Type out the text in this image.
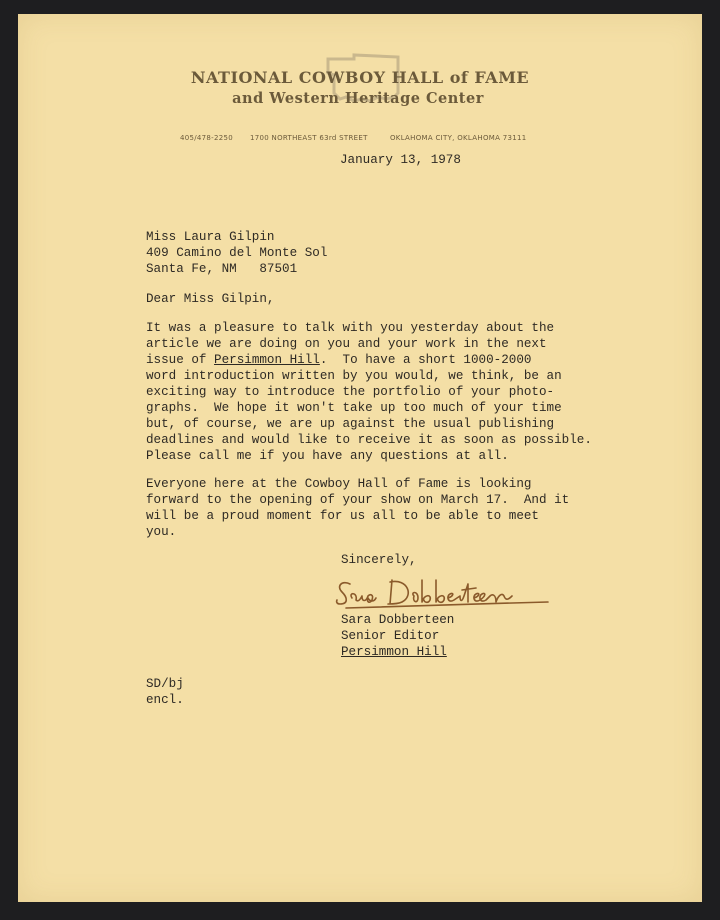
NATIONAL COWBOY HALL of FAME
and Western Heritage Center
405/478-2250 1700 NORTHEAST 63rd STREET	OKLAHOMA CITY, OKLAHOMA 73111
January 13, 1978
Miss Laura Gilpin
409 Camino del Monte Sol
Santa Fe, NM   87501
Dear Miss Gilpin,
It was a pleasure to talk with you yesterday about the
article we are doing on you and your work in the next
issue of Persimmon Hill.  To have a short 1000-2000
word introduction written by you would, we think, be an
exciting way to introduce the portfolio of your photo-
graphs.  We hope it won't take up too much of your time
but, of course, we are up against the usual publishing
deadlines and would like to receive it as soon as possible.
Please call me if you have any questions at all.
Everyone here at the Cowboy Hall of Fame is looking
forward to the opening of your show on March 17.  And it
will be a proud moment for us all to be able to meet
you.
Sincerely,
Sara Dobberteen
Senior Editor
Persimmon Hill
SD/bj
encl.
